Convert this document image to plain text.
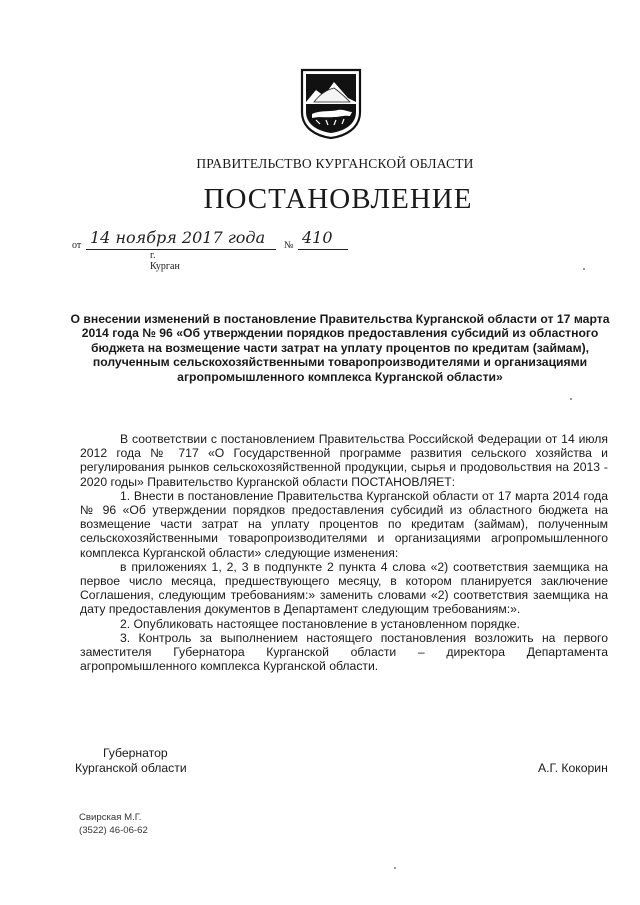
ПРАВИТЕЛЬСТВО КУРГАНСКОЙ ОБЛАСТИ
ПОСТАНОВЛЕНИЕ
от 14 ноября 2017 года № 410
г. Курган
О внесении изменений в постановление Правительства Курганской области от 17 марта 2014 года № 96 «Об утверждении порядков предоставления субсидий из областного бюджета на возмещение части затрат на уплату процентов по кредитам (займам), полученным сельскохозяйственными товаропроизводителями и организациями агропромышленного комплекса Курганской области»

В соответствии с постановлением Правительства Российской Федерации от 14 июля 2012 года № 717 «О Государственной программе развития сельского хозяйства и регулирования рынков сельскохозяйственной продукции, сырья и продовольствия на 2013 - 2020 годы» Правительство Курганской области ПОСТАНОВЛЯЕТ:

1. Внести в постановление Правительства Курганской области от 17 марта 2014 года № 96 «Об утверждении порядков предоставления субсидий из областного бюджета на возмещение части затрат на уплату процентов по кредитам (займам), полученным сельскохозяйственными товаропроизводителями и организациями агропромышленного комплекса Курганской области» следующие изменения:

в приложениях 1, 2, 3 в подпункте 2 пункта 4 слова «2) соответствия заемщика на первое число месяца, предшествующего месяцу, в котором планируется заключение Соглашения, следующим требованиям:» заменить словами «2) соответствия заемщика на дату предоставления документов в Департамент следующим требованиям:».

2. Опубликовать настоящее постановление в установленном порядке.

3. Контроль за выполнением настоящего постановления возложить на первого заместителя Губернатора Курганской области – директора Департамента агропромышленного комплекса Курганской области.

Губернатор
Курганской области	А.Г. Кокорин
Свирская М.Г.
(3522) 46-06-62
